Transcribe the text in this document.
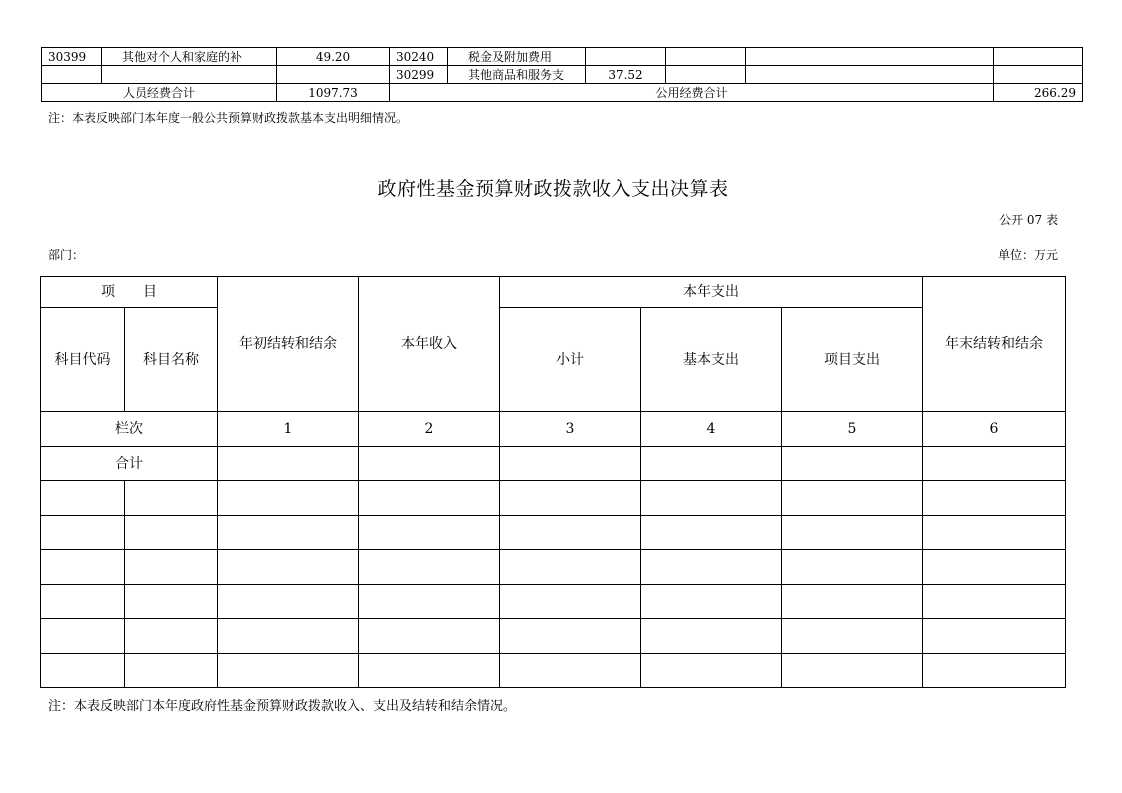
30399	其他对个人和家庭的补	49.20	30240	税金及附加费用				
			30299	其他商品和服务支	37.52			
人员经费合计		1097.73	公用经费合计					266.29
注：本表反映部门本年度一般公共预算财政拨款基本支出明细情况。
政府性基金预算财政拨款收入支出决算表
公开 07 表
部门：	单位：万元
项　　目		年初结转和结余	本年收入	本年支出			年末结转和结余
科目代码	科目名称			小计	基本支出	项目支出	
栏次		1	2	3	4	5	6
合计							

注：本表反映部门本年度政府性基金预算财政拨款收入、支出及结转和结余情况。
